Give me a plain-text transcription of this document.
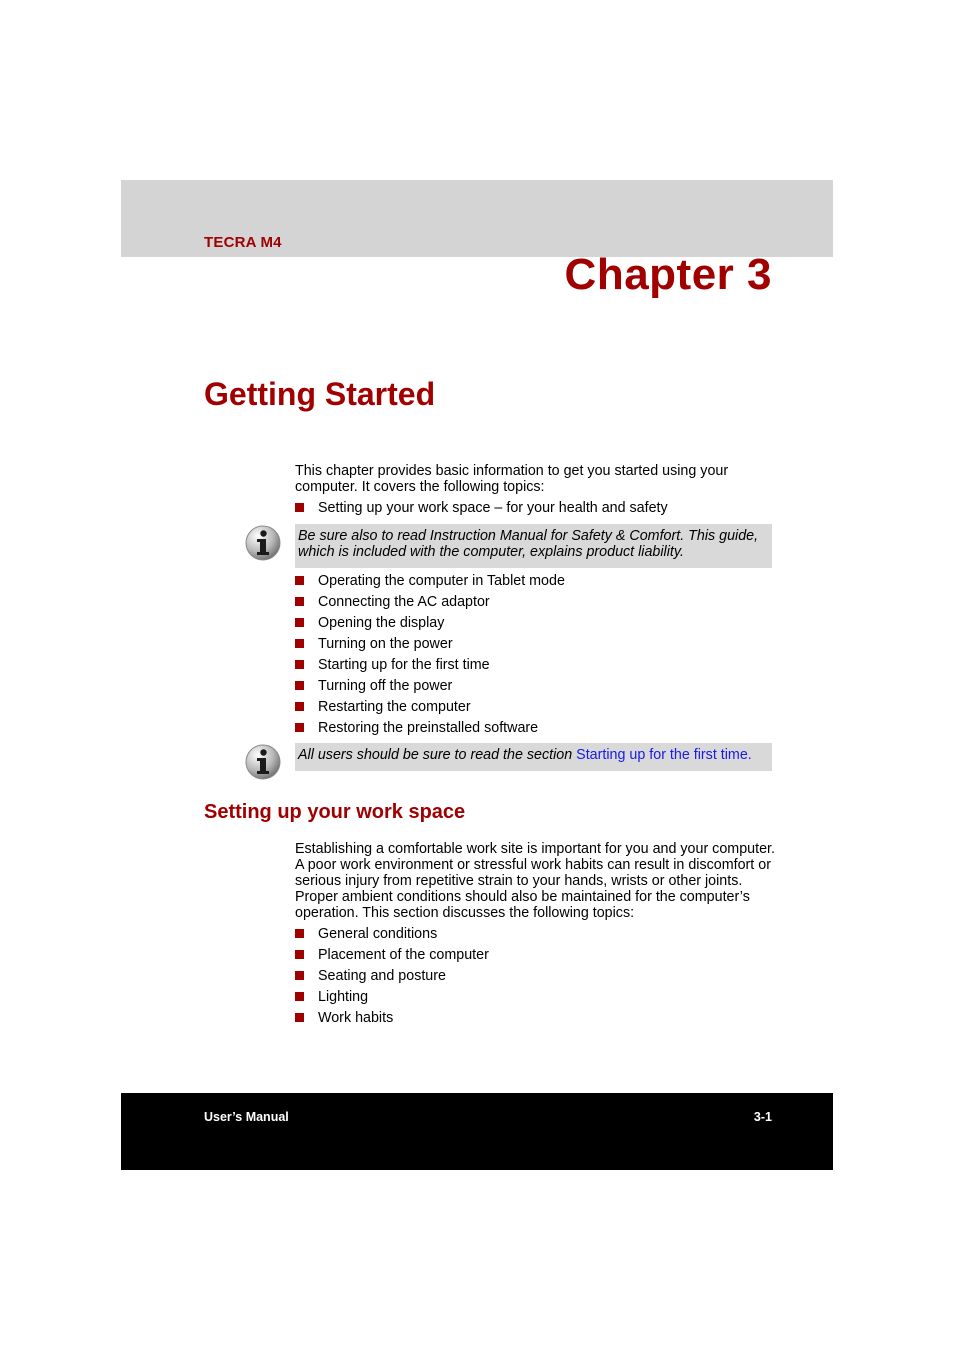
TECRA M4
Chapter 3
Getting Started
This chapter provides basic information to get you started using your computer. It covers the following topics:
Setting up your work space – for your health and safety
Be sure also to read Instruction Manual for Safety & Comfort. This guide, which is included with the computer, explains product liability.
Operating the computer in Tablet mode
Connecting the AC adaptor
Opening the display
Turning on the power
Starting up for the first time
Turning off the power
Restarting the computer
Restoring the preinstalled software
All users should be sure to read the section Starting up for the first time.
Setting up your work space
Establishing a comfortable work site is important for you and your computer. A poor work environment or stressful work habits can result in discomfort or serious injury from repetitive strain to your hands, wrists or other joints. Proper ambient conditions should also be maintained for the computer’s operation. This section discusses the following topics:
General conditions
Placement of the computer
Seating and posture
Lighting
Work habits
User’s Manual	3-1
